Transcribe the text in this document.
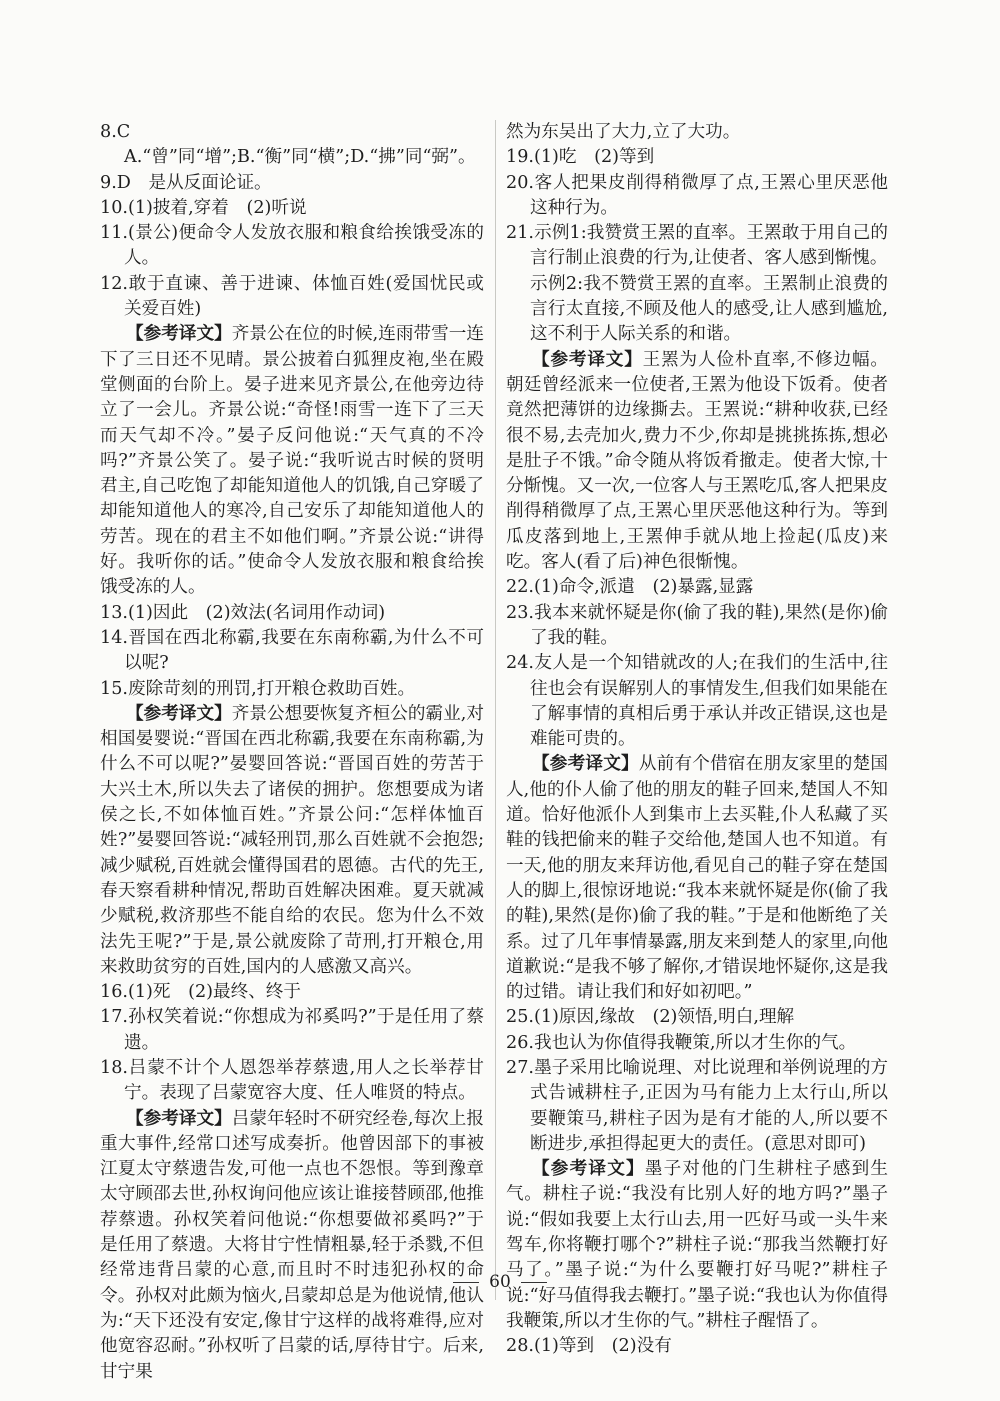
8.C　A.“曾”同“增”;B.“衡”同“横”;D.“拂”同“弼”。

9.D　是从反面论证。

10.(1)披着,穿着　(2)听说

11.(景公)便命令人发放衣服和粮食给挨饿受冻的人。

12.敢于直谏、善于进谏、体恤百姓(爱国忧民或关爱百姓)

【参考译文】齐景公在位的时候,连雨带雪一连下了三日还不见晴。景公披着白狐狸皮袍,坐在殿堂侧面的台阶上。晏子进来见齐景公,在他旁边待立了一会儿。齐景公说:“奇怪!雨雪一连下了三天而天气却不冷。”晏子反问他说:“天气真的不冷吗?”齐景公笑了。晏子说:“我听说古时候的贤明君主,自己吃饱了却能知道他人的饥饿,自己穿暖了却能知道他人的寒冷,自己安乐了却能知道他人的劳苦。现在的君主不如他们啊。”齐景公说:“讲得好。我听你的话。”使命令人发放衣服和粮食给挨饿受冻的人。

13.(1)因此　(2)效法(名词用作动词)

14.晋国在西北称霸,我要在东南称霸,为什么不可以呢?

15.废除苛刻的刑罚,打开粮仓救助百姓。

【参考译文】齐景公想要恢复齐桓公的霸业,对相国晏婴说:“晋国在西北称霸,我要在东南称霸,为什么不可以呢?”晏婴回答说:“晋国百姓的劳苦于大兴土木,所以失去了诸侯的拥护。您想要成为诸侯之长,不如体恤百姓。”齐景公问:“怎样体恤百姓?”晏婴回答说:“减轻刑罚,那么百姓就不会抱怨;减少赋税,百姓就会懂得国君的恩德。古代的先王,春天察看耕种情况,帮助百姓解决困难。夏天就减少赋税,救济那些不能自给的农民。您为什么不效法先王呢?”于是,景公就废除了苛刑,打开粮仓,用来救助贫穷的百姓,国内的人感激又高兴。

16.(1)死　(2)最终、终于

17.孙权笑着说:“你想成为祁奚吗?”于是任用了蔡遗。

18.吕蒙不计个人恩怨举荐蔡遗,用人之长举荐甘宁。表现了吕蒙宽容大度、任人唯贤的特点。

【参考译文】吕蒙年轻时不研究经卷,每次上报重大事件,经常口述写成奏折。他曾因部下的事被江夏太守蔡遗告发,可他一点也不怨恨。等到豫章太守顾邵去世,孙权询问他应该让谁接替顾邵,他推荐蔡遗。孙权笑着问他说:“你想要做祁奚吗?”于是任用了蔡遗。大将甘宁性情粗暴,轻于杀戮,不但经常违背吕蒙的心意,而且时不时违犯孙权的命令。孙权对此颇为恼火,吕蒙却总是为他说情,他认为:“天下还没有安定,像甘宁这样的战将难得,应对他宽容忍耐。”孙权听了吕蒙的话,厚待甘宁。后来,甘宁果

然为东吴出了大力,立了大功。

19.(1)吃　(2)等到

20.客人把果皮削得稍微厚了点,王罴心里厌恶他这种行为。

21.示例1:我赞赏王罴的直率。王罴敢于用自己的言行制止浪费的行为,让使者、客人感到惭愧。

示例2:我不赞赏王罴的直率。王罴制止浪费的言行太直接,不顾及他人的感受,让人感到尴尬,这不利于人际关系的和谐。

【参考译文】王罴为人俭朴直率,不修边幅。朝廷曾经派来一位使者,王罴为他设下饭肴。使者竟然把薄饼的边缘撕去。王罴说:“耕种收获,已经很不易,去壳加火,费力不少,你却是挑挑拣拣,想必是肚子不饿。”命令随从将饭肴撤走。使者大惊,十分惭愧。又一次,一位客人与王罴吃瓜,客人把果皮削得稍微厚了点,王罴心里厌恶他这种行为。等到瓜皮落到地上,王罴伸手就从地上捡起(瓜皮)来吃。客人(看了后)神色很惭愧。

22.(1)命令,派遣　(2)暴露,显露

23.我本来就怀疑是你(偷了我的鞋),果然(是你)偷了我的鞋。

24.友人是一个知错就改的人;在我们的生活中,往往也会有误解别人的事情发生,但我们如果能在了解事情的真相后勇于承认并改正错误,这也是难能可贵的。

【参考译文】从前有个借宿在朋友家里的楚国人,他的仆人偷了他的朋友的鞋子回来,楚国人不知道。恰好他派仆人到集市上去买鞋,仆人私藏了买鞋的钱把偷来的鞋子交给他,楚国人也不知道。有一天,他的朋友来拜访他,看见自己的鞋子穿在楚国人的脚上,很惊讶地说:“我本来就怀疑是你(偷了我的鞋),果然(是你)偷了我的鞋。”于是和他断绝了关系。过了几年事情暴露,朋友来到楚人的家里,向他道歉说:“是我不够了解你,才错误地怀疑你,这是我的过错。请让我们和好如初吧。”

25.(1)原因,缘故　(2)领悟,明白,理解

26.我也认为你值得我鞭策,所以才生你的气。

27.墨子采用比喻说理、对比说理和举例说理的方式告诫耕柱子,正因为马有能力上太行山,所以要鞭策马,耕柱子因为是有才能的人,所以要不断进步,承担得起更大的责任。(意思对即可)

【参考译文】墨子对他的门生耕柱子感到生气。耕柱子说:“我没有比别人好的地方吗?”墨子说:“假如我要上太行山去,用一匹好马或一头牛来驾车,你将鞭打哪个?”耕柱子说:“那我当然鞭打好马了。”墨子说:“为什么要鞭打好马呢?”耕柱子说:“好马值得我去鞭打。”墨子说:“我也认为你值得我鞭策,所以才生你的气。”耕柱子醒悟了。

28.(1)等到　(2)没有

60
